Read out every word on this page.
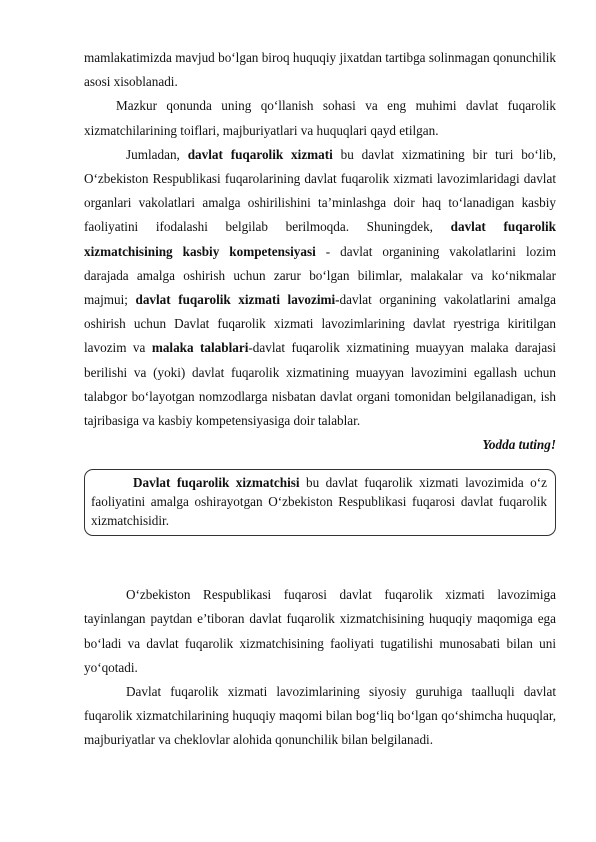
mamlakatimizda mavjud bo‘lgan biroq huquqiy jixatdan tartibga solinmagan qonunchilik asosi xisoblanadi.

Mazkur qonunda uning qo‘llanish sohasi va eng muhimi davlat fuqarolik xizmatchilarining toiflari, majburiyatlari va huquqlari qayd etilgan.

Jumladan, davlat fuqarolik xizmati bu davlat xizmatining bir turi bo‘lib, O‘zbekiston Respublikasi fuqarolarining davlat fuqarolik xizmati lavozimlaridagi davlat organlari vakolatlari amalga oshirilishini ta’minlashga doir haq to‘lanadigan kasbiy faoliyatini ifodalashi belgilab berilmoqda. Shuningdek, davlat fuqarolik xizmatchisining kasbiy kompetensiyasi - davlat organining vakolatlarini lozim darajada amalga oshirish uchun zarur bo‘lgan bilimlar, malakalar va ko‘nikmalar majmui; davlat fuqarolik xizmati lavozimi-davlat organining vakolatlarini amalga oshirish uchun Davlat fuqarolik xizmati lavozimlarining davlat ryestriga kiritilgan lavozim va malaka talablari-davlat fuqarolik xizmatining muayyan malaka darajasi berilishi va (yoki) davlat fuqarolik xizmatining muayyan lavozimini egallash uchun talabgor bo‘layotgan nomzodlarga nisbatan davlat organi tomonidan belgilanadigan, ish tajribasiga va kasbiy kompetensiyasiga doir talablar.

Yodda tuting!

Davlat fuqarolik xizmatchisi bu davlat fuqarolik xizmati lavozimida o‘z faoliyatini amalga oshirayotgan O‘zbekiston Respublikasi fuqarosi davlat fuqarolik xizmatchisidir.

O‘zbekiston Respublikasi fuqarosi davlat fuqarolik xizmati lavozimiga tayinlangan paytdan e’tiboran davlat fuqarolik xizmatchisining huquqiy maqomiga ega bo‘ladi va davlat fuqarolik xizmatchisining faoliyati tugatilishi munosabati bilan uni yo‘qotadi.

Davlat fuqarolik xizmati lavozimlarining siyosiy guruhiga taalluqli davlat fuqarolik xizmatchilarining huquqiy maqomi bilan bog‘liq bo‘lgan qo‘shimcha huquqlar, majburiyatlar va cheklovlar alohida qonunchilik bilan belgilanadi.
